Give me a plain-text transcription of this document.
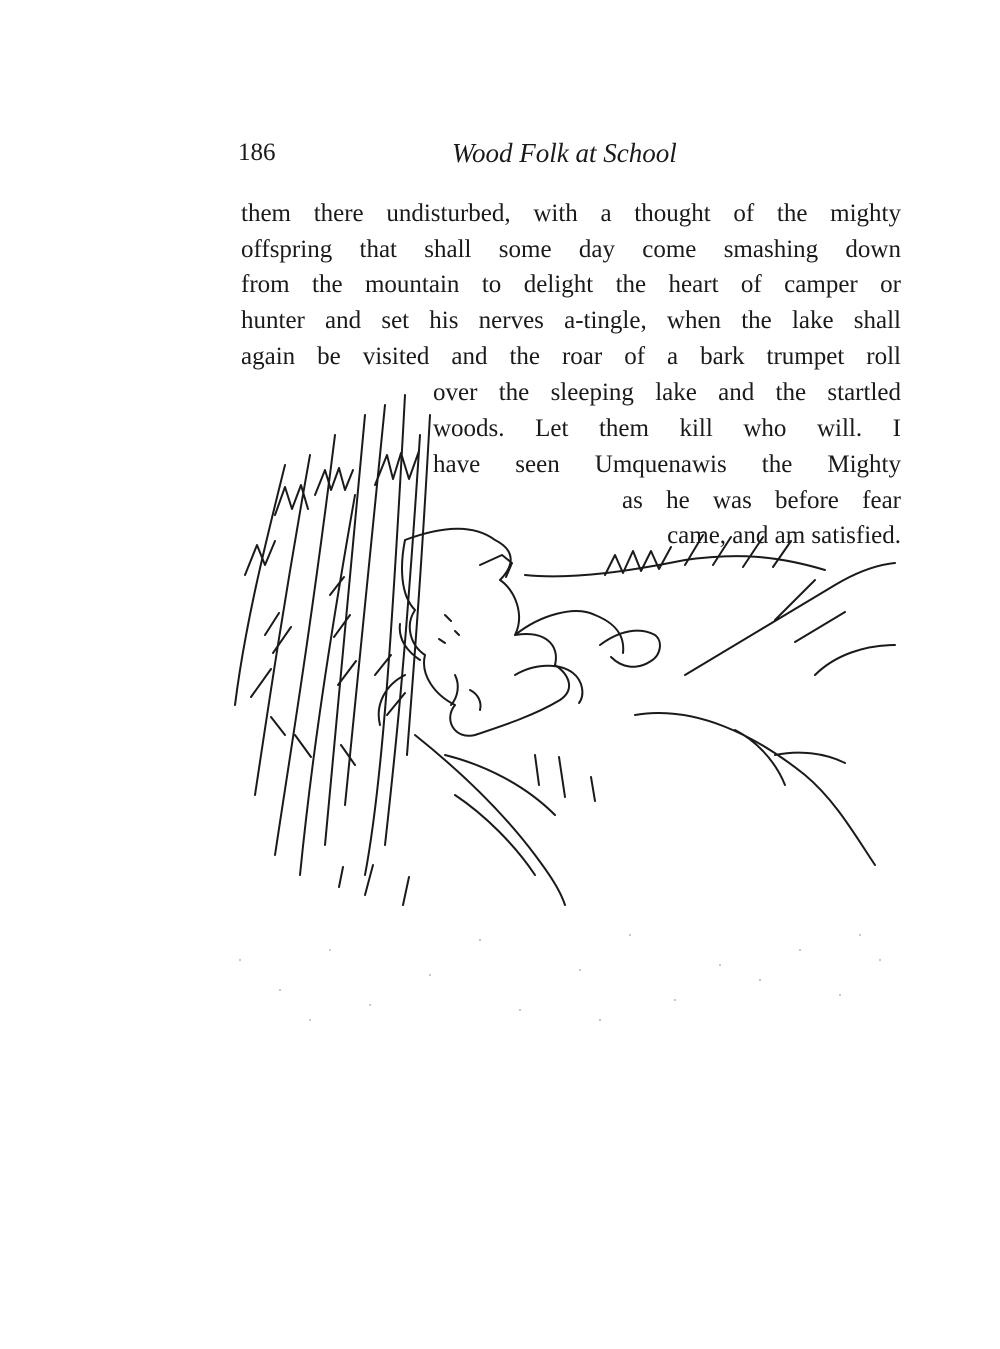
186	Wood Folk at School
them there undisturbed, with a thought of the mighty
offspring that shall some day come smashing down
from the mountain to delight the heart of camper or
hunter and set his nerves a-tingle, when the lake shall
again be visited and the roar of a bark trumpet roll
over the sleeping lake and the startled
woods. Let them kill who will. I
have seen Umquenawis the Mighty
as he was before fear
came, and am satisfied.
